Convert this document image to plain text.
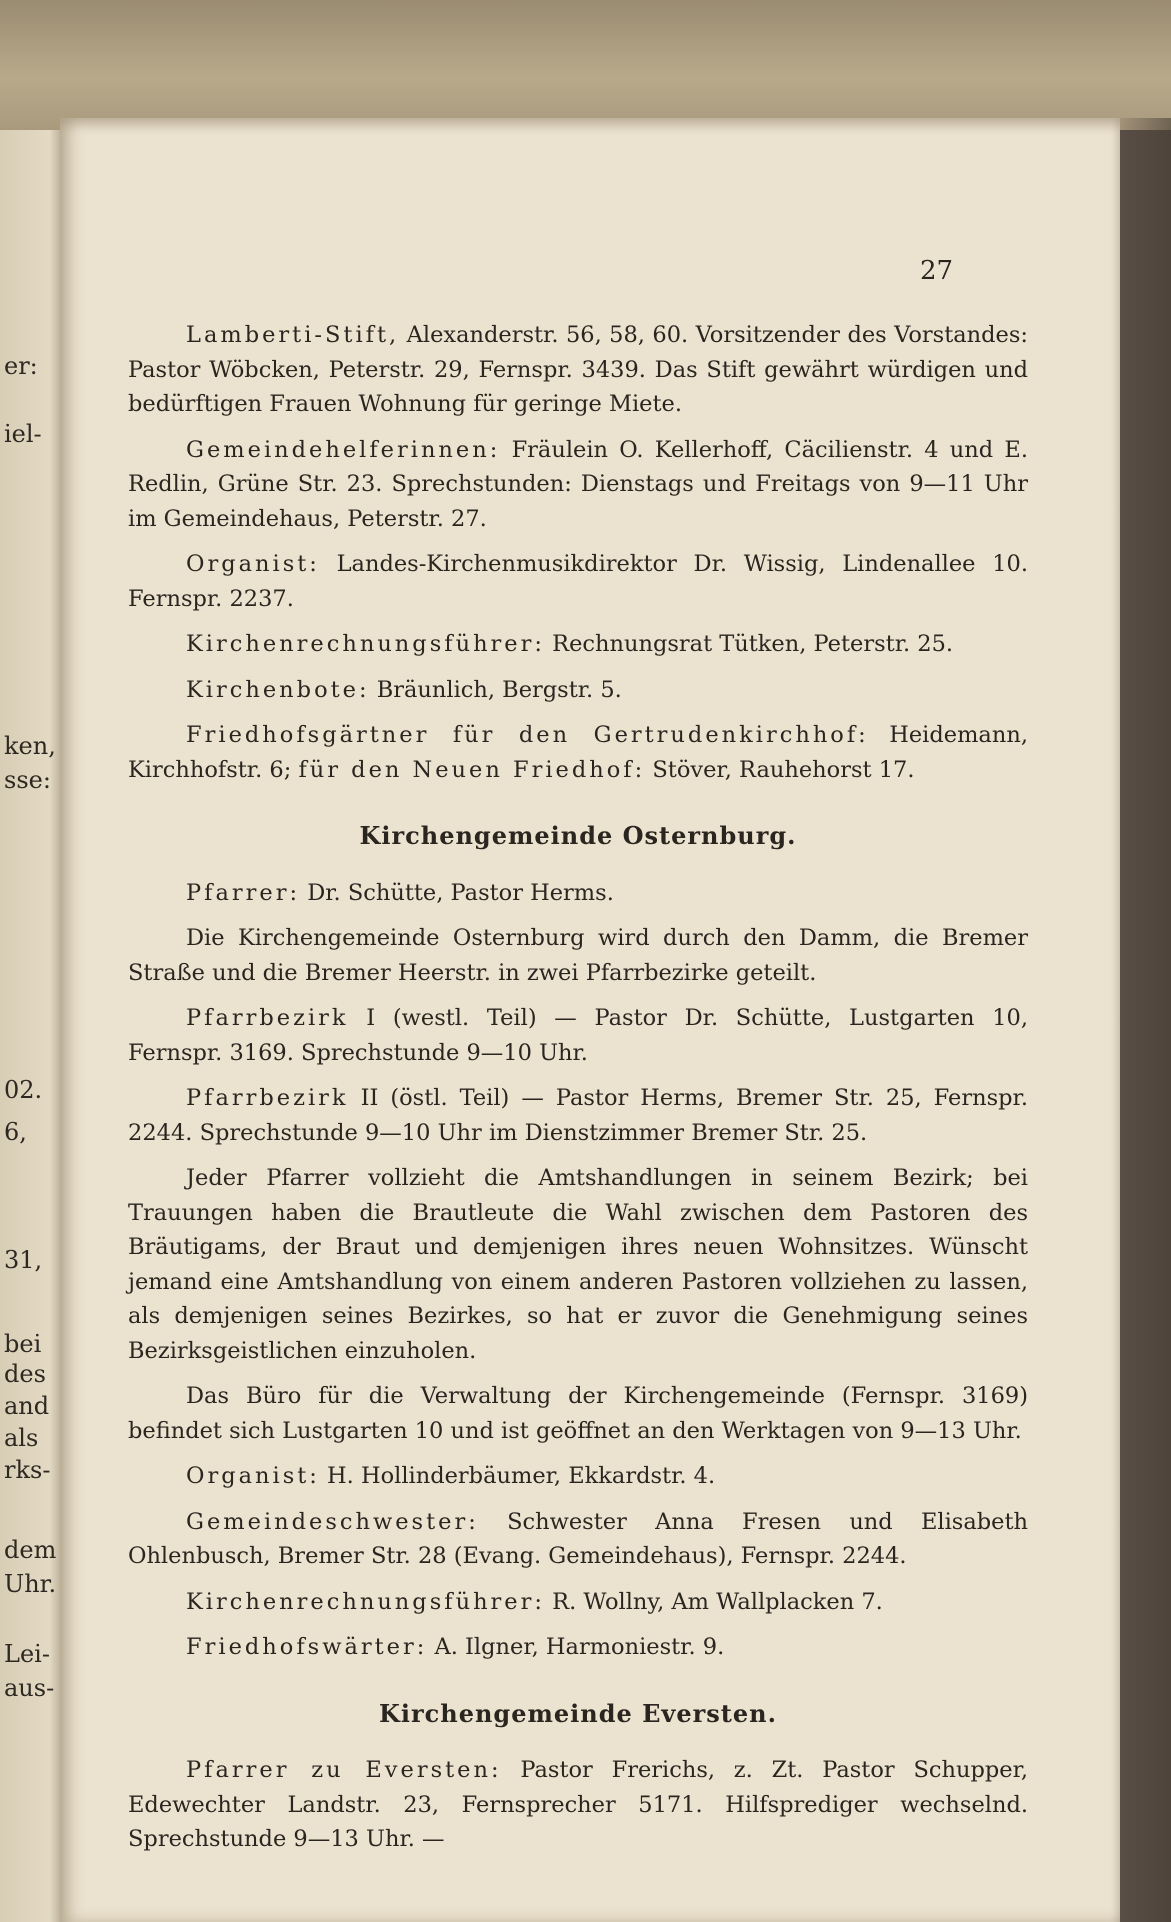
er:
iel-
ken,
sse:
02.
6,
31,
bei
des
and
als
rks-
dem
Uhr.
Lei-
aus-
27

Lamberti-Stift, Alexanderstr. 56, 58, 60. Vorsitzender des Vorstandes: Pastor Wöbcken, Peterstr. 29, Fernspr. 3439. Das Stift gewährt würdigen und bedürftigen Frauen Wohnung für geringe Miete.

Gemeindehelferinnen: Fräulein O. Kellerhoff, Cäcilienstr. 4 und E. Redlin, Grüne Str. 23. Sprechstunden: Dienstags und Freitags von 9—11 Uhr im Gemeindehaus, Peterstr. 27.

Organist: Landes-Kirchenmusikdirektor Dr. Wissig, Lindenallee 10. Fernspr. 2237.

Kirchenrechnungsführer: Rechnungsrat Tütken, Peterstr. 25.

Kirchenbote: Bräunlich, Bergstr. 5.

Friedhofsgärtner für den Gertrudenkirchhof: Heidemann, Kirchhofstr. 6; für den Neuen Friedhof: Stöver, Rauhehorst 17.

Kirchengemeinde Osternburg.

Pfarrer: Dr. Schütte, Pastor Herms.

Die Kirchengemeinde Osternburg wird durch den Damm, die Bremer Straße und die Bremer Heerstr. in zwei Pfarrbezirke geteilt.

Pfarrbezirk I (westl. Teil) — Pastor Dr. Schütte, Lustgarten 10, Fernspr. 3169. Sprechstunde 9—10 Uhr.

Pfarrbezirk II (östl. Teil) — Pastor Herms, Bremer Str. 25, Fernspr. 2244. Sprechstunde 9—10 Uhr im Dienstzimmer Bremer Str. 25.

Jeder Pfarrer vollzieht die Amtshandlungen in seinem Bezirk; bei Trauungen haben die Brautleute die Wahl zwischen dem Pastoren des Bräutigams, der Braut und demjenigen ihres neuen Wohnsitzes. Wünscht jemand eine Amtshandlung von einem anderen Pastoren vollziehen zu lassen, als demjenigen seines Bezirkes, so hat er zuvor die Genehmigung seines Bezirksgeistlichen einzuholen.

Das Büro für die Verwaltung der Kirchengemeinde (Fernspr. 3169) befindet sich Lustgarten 10 und ist geöffnet an den Werktagen von 9—13 Uhr.

Organist: H. Hollinderbäumer, Ekkardstr. 4.

Gemeindeschwester: Schwester Anna Fresen und Elisabeth Ohlenbusch, Bremer Str. 28 (Evang. Gemeindehaus), Fernspr. 2244.

Kirchenrechnungsführer: R. Wollny, Am Wallplacken 7.

Friedhofswärter: A. Ilgner, Harmoniestr. 9.

Kirchengemeinde Eversten.

Pfarrer zu Eversten: Pastor Frerichs, z. Zt. Pastor Schupper, Edewechter Landstr. 23, Fernsprecher 5171. Hilfsprediger wechselnd. Sprechstunde 9—13 Uhr. —
